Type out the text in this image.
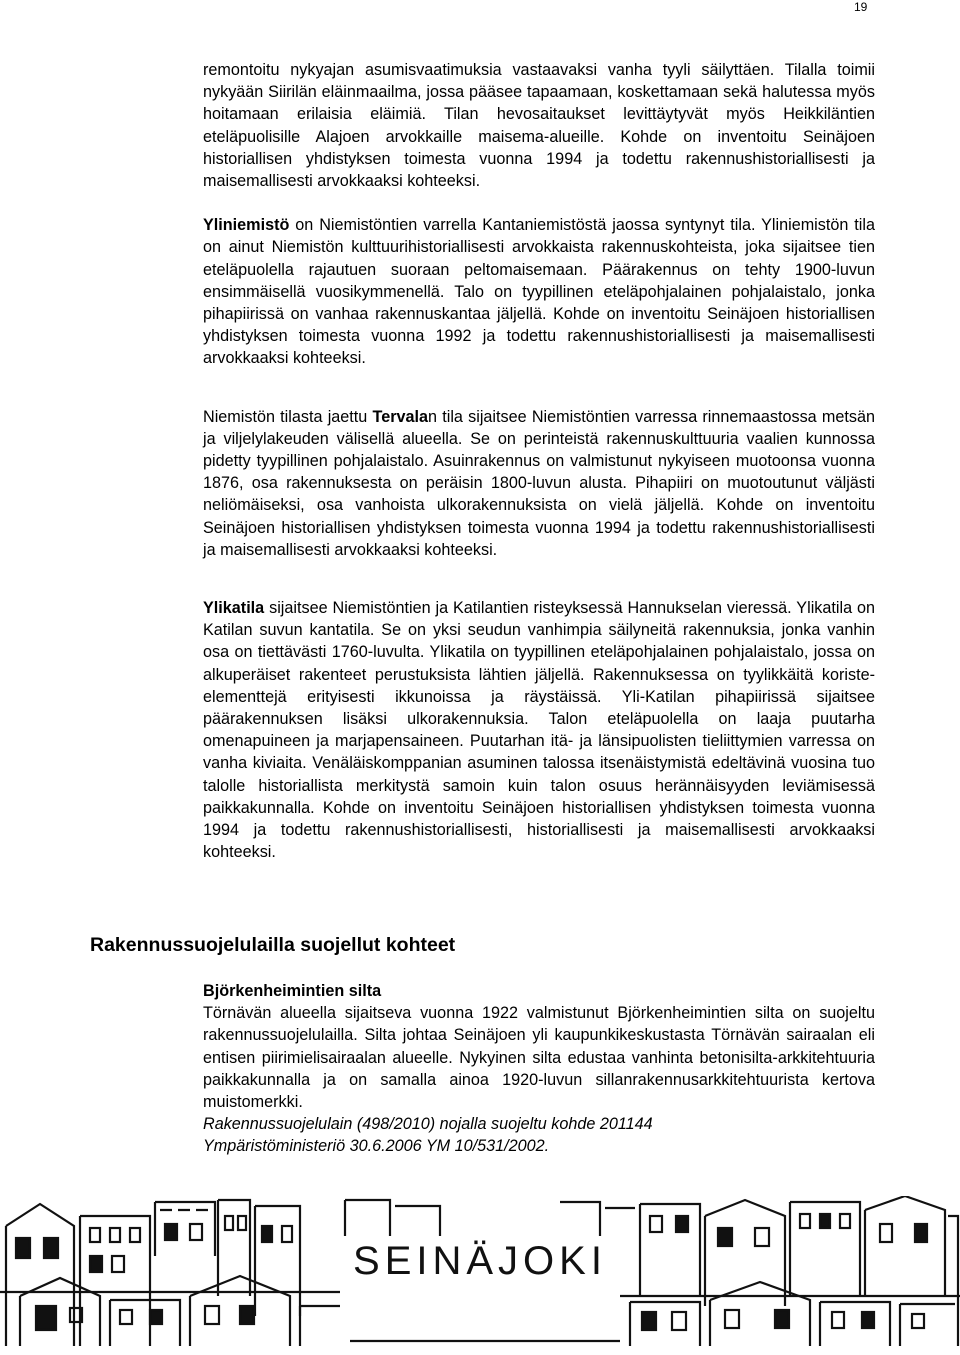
19

remontoitu nykyajan asumisvaatimuksia vastaavaksi vanha tyyli säilyttäen. Tilalla toimii nykyään Siirilän eläinmaailma, jossa pääsee tapaamaan, koskettamaan sekä halutessa myös hoitamaan erilaisia eläimiä. Tilan hevosaitaukset levittäytyvät myös Heikkiläntien eteläpuolisille Alajoen arvokkaille maisema-alueille. Kohde on inventoitu Seinäjoen historiallisen yhdistyksen toimesta vuonna 1994 ja todettu rakennushistoriallisesti ja maisemallisesti arvokkaaksi kohteeksi.

Yliniemistö on Niemistöntien varrella Kantaniemistöstä jaossa syntynyt tila. Yliniemistön tila on ainut Niemistön kulttuurihistoriallisesti arvokkaista rakennuskohteista, joka sijaitsee tien eteläpuolella rajautuen suoraan peltomaisemaan. Päärakennus on tehty 1900-luvun ensimmäisellä vuosikymmenellä. Talo on tyypillinen eteläpohjalainen pohjalaistalo, jonka pihapiirissä on vanhaa rakennuskantaa jäljellä. Kohde on inventoitu Seinäjoen historiallisen yhdistyksen toimesta vuonna 1992 ja todettu rakennushistoriallisesti ja maisemallisesti arvokkaaksi kohteeksi.

Niemistön tilasta jaettu Tervalan tila sijaitsee Niemistöntien varressa rinnemaastossa metsän ja viljelylakeuden välisellä alueella. Se on perinteistä rakennuskulttuuria vaalien kunnossa pidetty tyypillinen pohjalaistalo. Asuinrakennus on valmistunut nykyiseen muotoonsa vuonna 1876, osa rakennuksesta on peräisin 1800-luvun alusta. Pihapiiri on muotoutunut väljästi neliömäiseksi, osa vanhoista ulkorakennuksista on vielä jäljellä. Kohde on inventoitu Seinäjoen historiallisen yhdistyksen toimesta vuonna 1994 ja todettu rakennushistoriallisesti ja maisemallisesti arvokkaaksi kohteeksi.

Ylikatila sijaitsee Niemistöntien ja Katilantien risteyksessä Hannukselan vieressä. Ylikatila on Katilan suvun kantatila. Se on yksi seudun vanhimpia säilyneitä rakennuksia, jonka vanhin osa on tiettävästi 1760-luvulta. Ylikatila on tyypillinen eteläpohjalainen pohjalaistalo, jossa on alkuperäiset rakenteet perustuksista lähtien jäljellä. Rakennuksessa on tyylikkäitä koriste-elementtejä erityisesti ikkunoissa ja räystäissä. Yli-Katilan pihapiirissä sijaitsee päärakennuksen lisäksi ulkorakennuksia. Talon eteläpuolella on laaja puutarha omenapuineen ja marjapensaineen. Puutarhan itä- ja länsipuolisten tieliittymien varressa on vanha kiviaita. Venäläiskomppanian asuminen talossa itsenäistymistä edeltävinä vuosina tuo talolle historiallista merkitystä samoin kuin talon osuus herännäisyyden leviämisessä paikkakunnalla. Kohde on inventoitu Seinäjoen historiallisen yhdistyksen toimesta vuonna 1994 ja todettu rakennushistoriallisesti, historiallisesti ja maisemallisesti arvokkaaksi kohteeksi.

Rakennussuojelulailla suojellut kohteet

Björkenheimintien silta

Törnävän alueella sijaitseva vuonna 1922 valmistunut Björkenheimintien silta on suojeltu rakennussuojelulailla. Silta johtaa Seinäjoen yli kaupunkikeskustasta Törnävän sairaalan eli entisen piirimielisairaalan alueelle. Nykyinen silta edustaa vanhinta betonisilta-arkkitehtuuria paikkakunnalla ja on samalla ainoa 1920-luvun sillanrakennusarkkitehtuurista kertova muistomerkki.

Rakennussuojelulain (498/2010) nojalla suojeltu kohde 201144

Ympäristöministeriö 30.6.2006 YM 10/531/2002.

SEINÄJOKI
